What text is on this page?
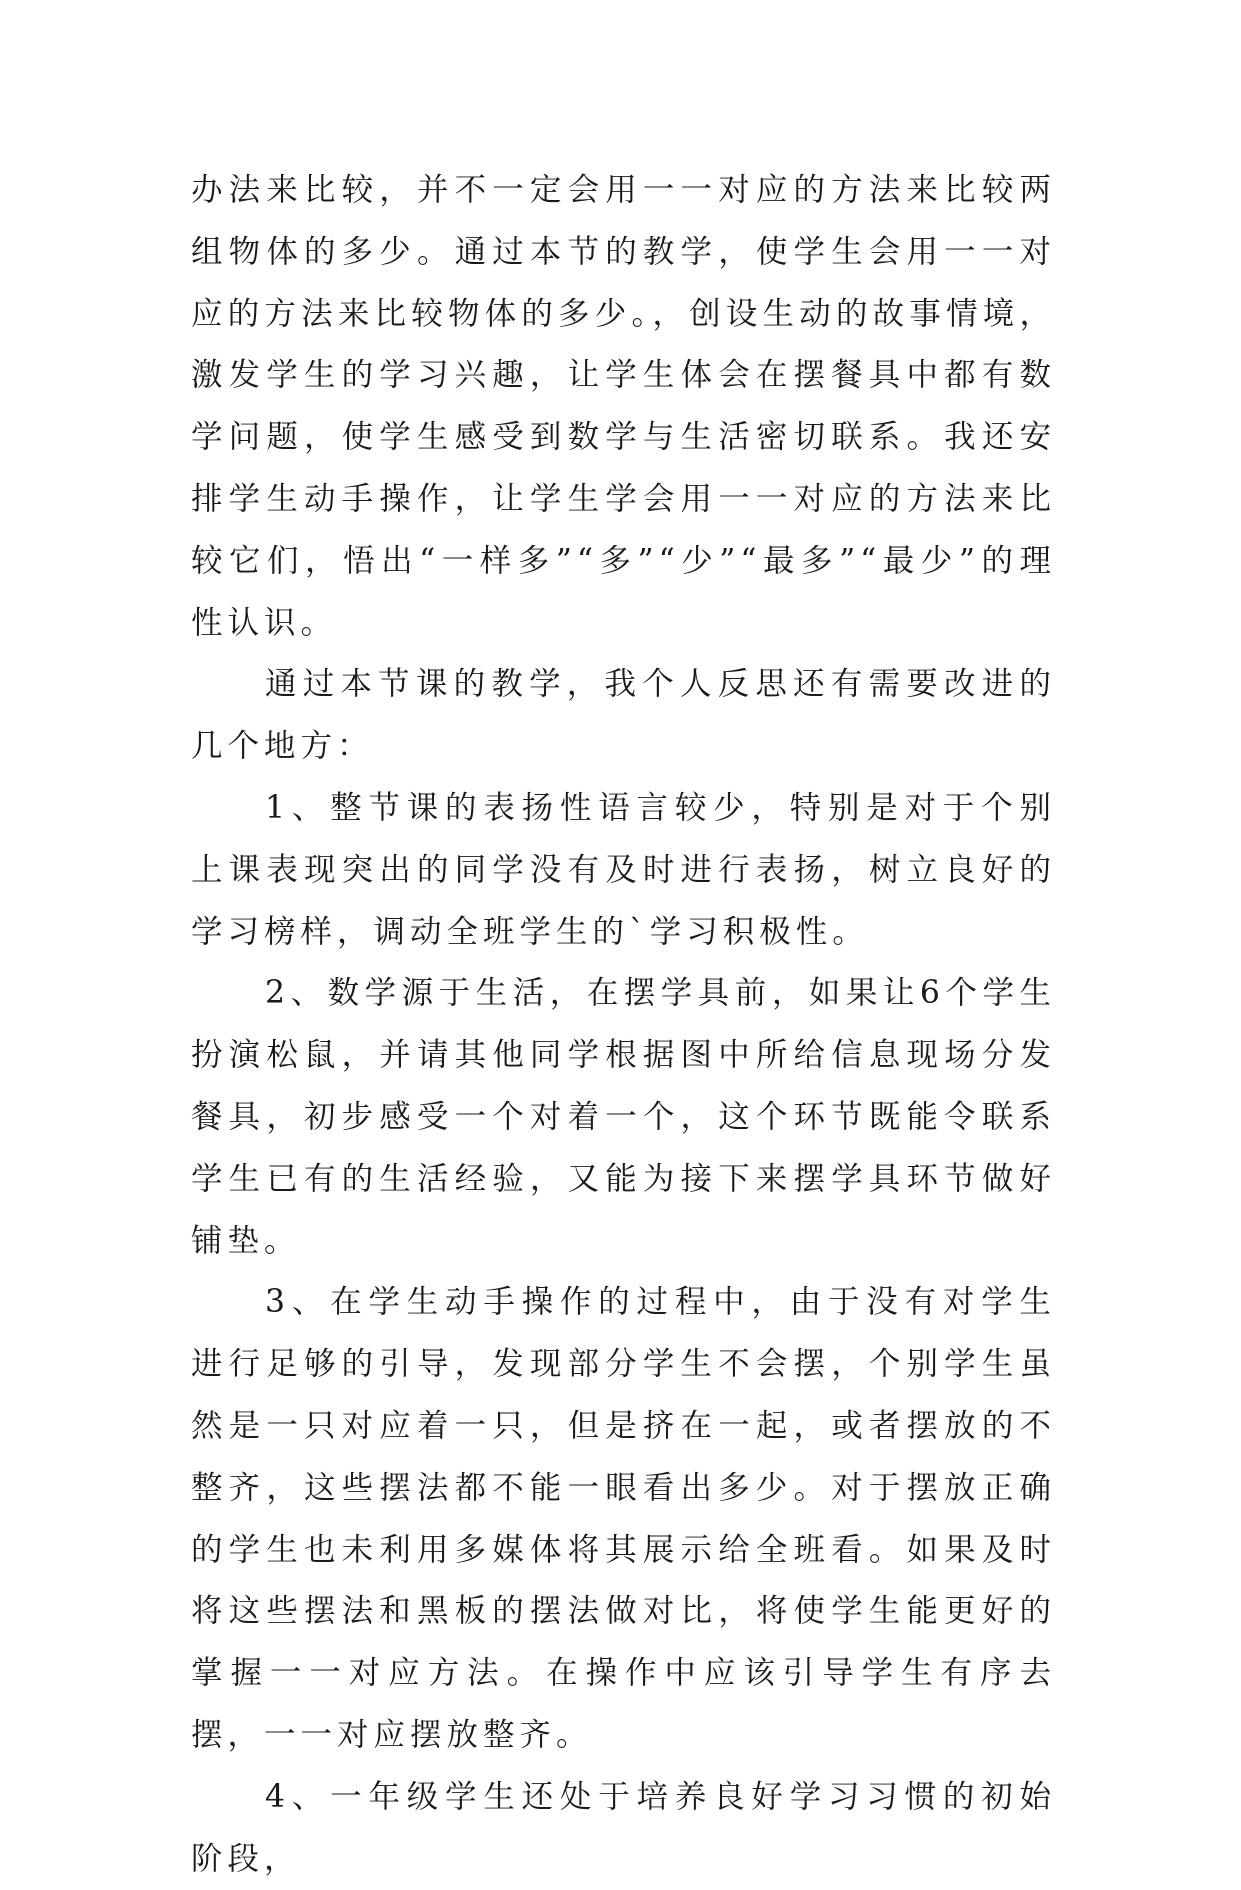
办法来比较，并不一定会用一一对应的方法来比较两组物体的多少。通过本节的教学，使学生会用一一对应的方法来比较物体的多少。，创设生动的故事情境，激发学生的学习兴趣，让学生体会在摆餐具中都有数学问题，使学生感受到数学与生活密切联系。我还安排学生动手操作，让学生学会用一一对应的方法来比较它们，悟出“一样多”“多”“少”“最多”“最少”的理性认识。

通过本节课的教学，我个人反思还有需要改进的几个地方：

1、整节课的表扬性语言较少，特别是对于个别上课表现突出的同学没有及时进行表扬，树立良好的学习榜样，调动全班学生的`学习积极性。

2、数学源于生活，在摆学具前，如果让6个学生扮演松鼠，并请其他同学根据图中所给信息现场分发餐具，初步感受一个对着一个，这个环节既能令联系学生已有的生活经验，又能为接下来摆学具环节做好铺垫。

3、在学生动手操作的过程中，由于没有对学生进行足够的引导，发现部分学生不会摆，个别学生虽然是一只对应着一只，但是挤在一起，或者摆放的不整齐，这些摆法都不能一眼看出多少。对于摆放正确的学生也未利用多媒体将其展示给全班看。如果及时将这些摆法和黑板的摆法做对比，将使学生能更好的掌握一一对应方法。在操作中应该引导学生有序去摆，一一对应摆放整齐。

4、一年级学生还处于培养良好学习习惯的初始阶段，
